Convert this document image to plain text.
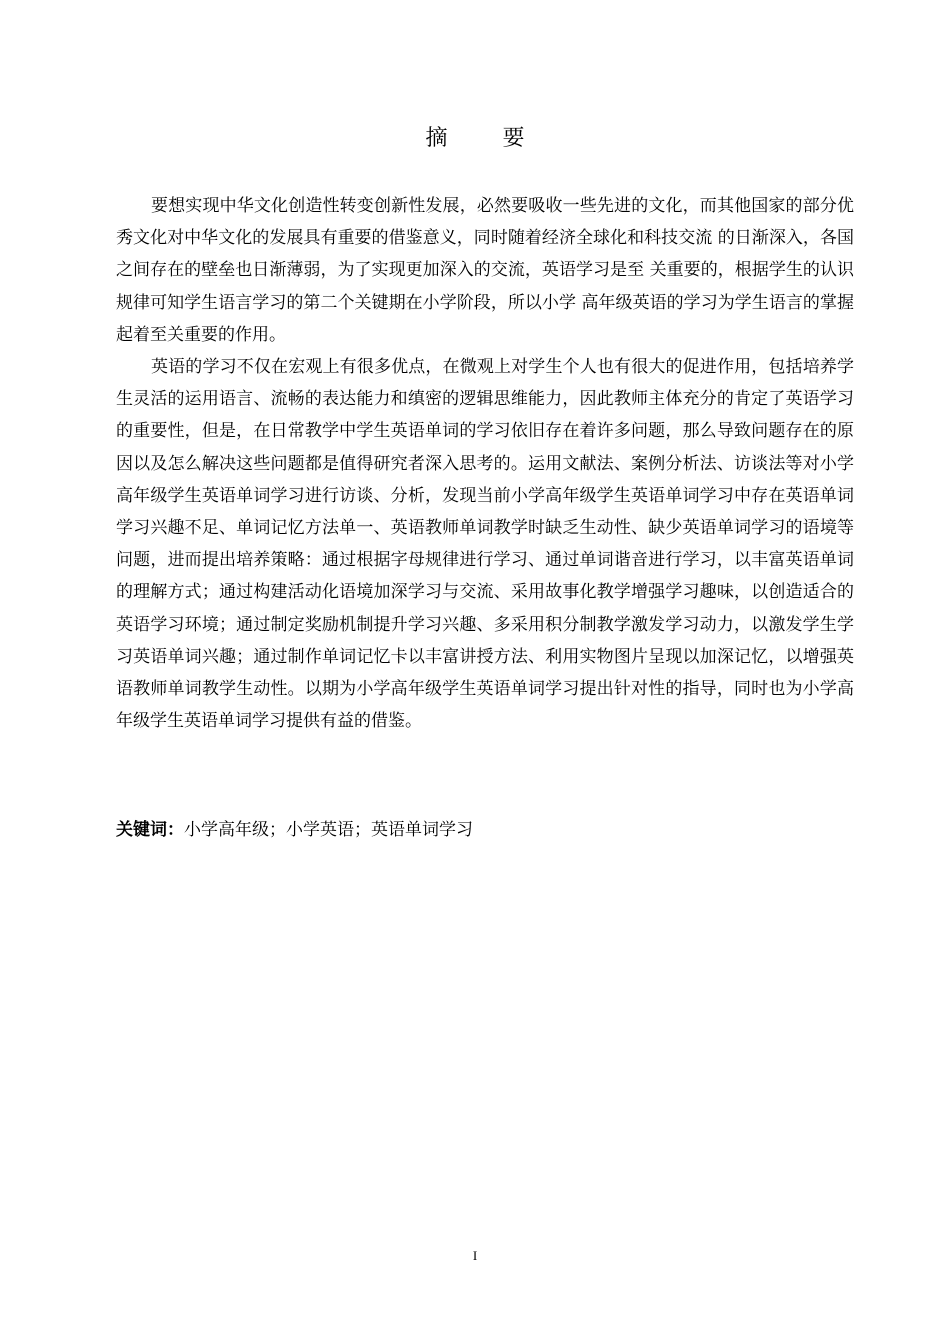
摘 要

要想实现中华文化创造性转变创新性发展，必然要吸收一些先进的文化，而其他国家的部分优秀文化对中华文化的发展具有重要的借鉴意义，同时随着经济全球化和科技交流 的日渐深入，各国之间存在的壁垒也日渐薄弱，为了实现更加深入的交流，英语学习是至 关重要的，根据学生的认识规律可知学生语言学习的第二个关键期在小学阶段，所以小学 高年级英语的学习为学生语言的掌握起着至关重要的作用。

英语的学习不仅在宏观上有很多优点，在微观上对学生个人也有很大的促进作用，包括培养学生灵活的运用语言、流畅的表达能力和缜密的逻辑思维能力，因此教师主体充分的肯定了英语学习的重要性，但是，在日常教学中学生英语单词的学习依旧存在着许多问题，那么导致问题存在的原因以及怎么解决这些问题都是值得研究者深入思考的。运用文献法、案例分析法、访谈法等对小学高年级学生英语单词学习进行访谈、分析，发现当前小学高年级学生英语单词学习中存在英语单词学习兴趣不足、单词记忆方法单一、英语教师单词教学时缺乏生动性、缺少英语单词学习的语境等问题，进而提出培养策略：通过根据字母规律进行学习、通过单词谐音进行学习，以丰富英语单词的理解方式；通过构建活动化语境加深学习与交流、采用故事化教学增强学习趣味，以创造适合的英语学习环境；通过制定奖励机制提升学习兴趣、多采用积分制教学激发学习动力，以激发学生学习英语单词兴趣；通过制作单词记忆卡以丰富讲授方法、利用实物图片呈现以加深记忆，以增强英语教师单词教学生动性。以期为小学高年级学生英语单词学习提出针对性的指导，同时也为小学高年级学生英语单词学习提供有益的借鉴。

关键词：小学高年级；小学英语；英语单词学习
I
